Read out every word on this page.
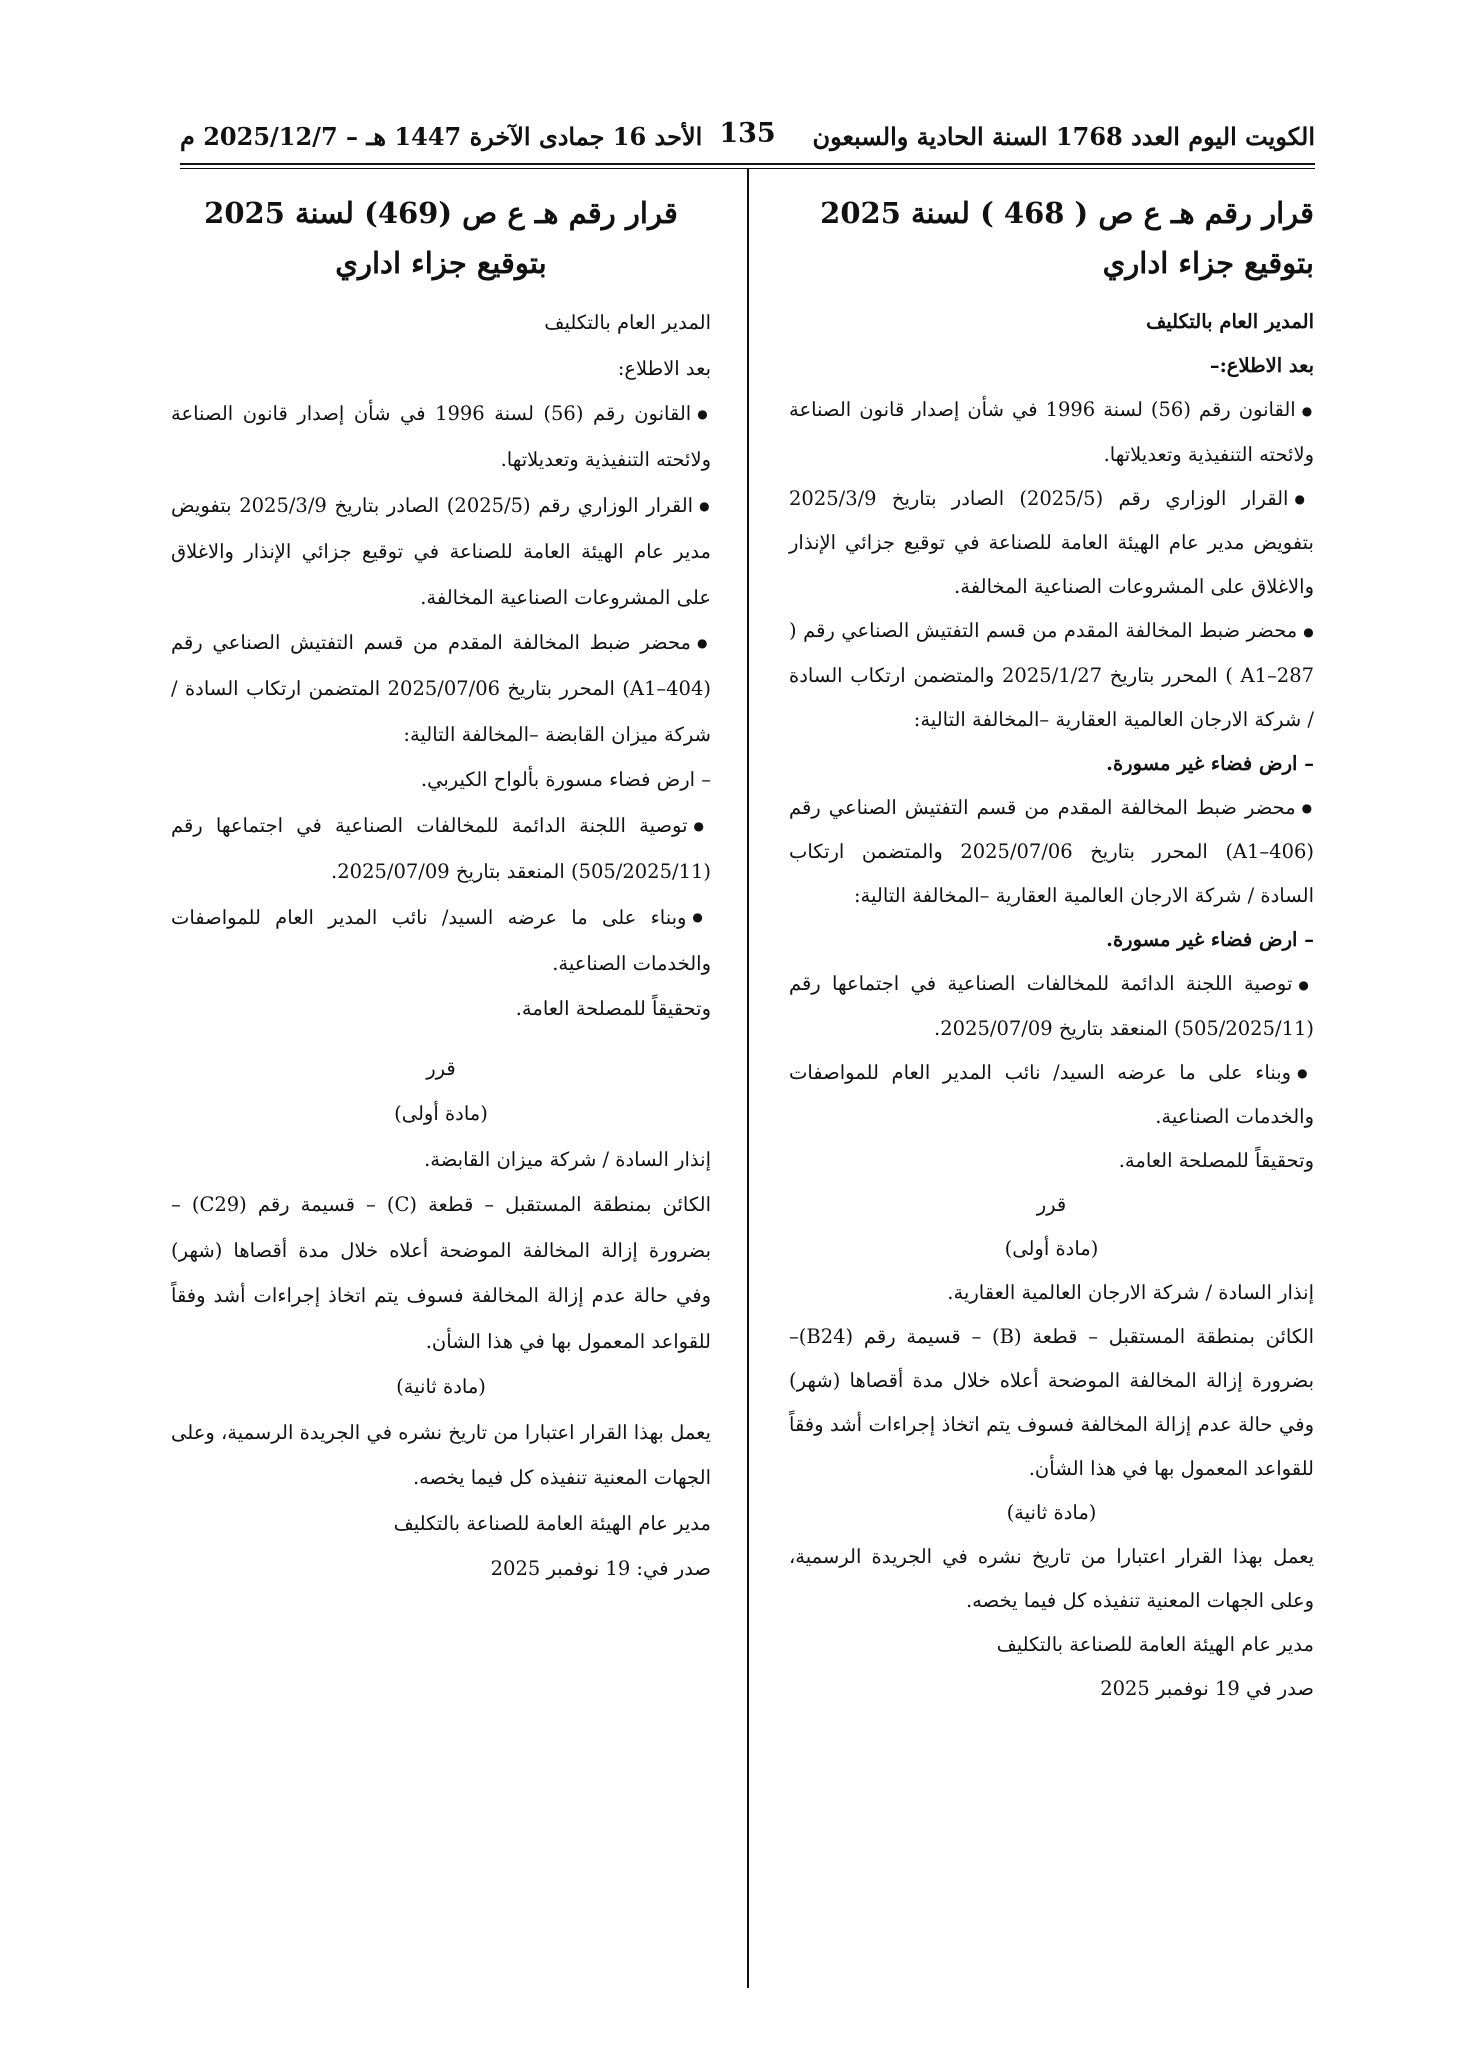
الكويت اليوم العدد 1768 السنة الحادية والسبعون
135
الأحد 16 جمادى الآخرة 1447 هـ – 2025/12/7 م
قرار رقم هـ ع ص ( 468 ) لسنة 2025 بتوقيع جزاء اداري

المدير العام بالتكليف

بعد الاطلاع:–

● القانون رقم (56) لسنة 1996 في شأن إصدار قانون الصناعة ولائحته التنفيذية وتعديلاتها.

● القرار الوزاري رقم (2025/5) الصادر بتاريخ 2025/3/9 بتفويض مدير عام الهيئة العامة للصناعة في توقيع جزائي الإنذار والاغلاق على المشروعات الصناعية المخالفة.

● محضر ضبط المخالفة المقدم من قسم التفتيش الصناعي رقم ( A1–287 ) المحرر بتاريخ 2025/1/27 والمتضمن ارتكاب السادة / شركة الارجان العالمية العقارية –المخالفة التالية:

– ارض فضاء غير مسورة.

● محضر ضبط المخالفة المقدم من قسم التفتيش الصناعي رقم (A1–406) المحرر بتاريخ 2025/07/06 والمتضمن ارتكاب السادة / شركة الارجان العالمية العقارية –المخالفة التالية:

– ارض فضاء غير مسورة.

● توصية اللجنة الدائمة للمخالفات الصناعية في اجتماعها رقم (505/2025/11) المنعقد بتاريخ 2025/07/09.

● وبناء على ما عرضه السيد/ نائب المدير العام للمواصفات والخدمات الصناعية.

وتحقيقاً للمصلحة العامة.

قرر

(مادة أولى)

إنذار السادة / شركة الارجان العالمية العقارية.

الكائن بمنطقة المستقبل – قطعة (B) – قسيمة رقم (B24)– بضرورة إزالة المخالفة الموضحة أعلاه خلال مدة أقصاها (شهر) وفي حالة عدم إزالة المخالفة فسوف يتم اتخاذ إجراءات أشد وفقاً للقواعد المعمول بها في هذا الشأن.

(مادة ثانية)

يعمل بهذا القرار اعتبارا من تاريخ نشره في الجريدة الرسمية، وعلى الجهات المعنية تنفيذه كل فيما يخصه.

مدير عام الهيئة العامة للصناعة بالتكليف

صدر في 19 نوفمبر 2025

قرار رقم هـ ع ص (469) لسنة 2025
بتوقيع جزاء اداري

المدير العام بالتكليف

بعد الاطلاع:

● القانون رقم (56) لسنة 1996 في شأن إصدار قانون الصناعة ولائحته التنفيذية وتعديلاتها.

● القرار الوزاري رقم (2025/5) الصادر بتاريخ 2025/3/9 بتفويض مدير عام الهيئة العامة للصناعة في توقيع جزائي الإنذار والاغلاق على المشروعات الصناعية المخالفة.

● محضر ضبط المخالفة المقدم من قسم التفتيش الصناعي رقم (A1–404) المحرر بتاريخ 2025/07/06 المتضمن ارتكاب السادة / شركة ميزان القابضة –المخالفة التالية:

– ارض فضاء مسورة بألواح الكيربي.

● توصية اللجنة الدائمة للمخالفات الصناعية في اجتماعها رقم (505/2025/11) المنعقد بتاريخ 2025/07/09.

● وبناء على ما عرضه السيد/ نائب المدير العام للمواصفات والخدمات الصناعية.

وتحقيقاً للمصلحة العامة.

قرر

(مادة أولى)

إنذار السادة / شركة ميزان القابضة.

الكائن بمنطقة المستقبل – قطعة (C) – قسيمة رقم (C29) – بضرورة إزالة المخالفة الموضحة أعلاه خلال مدة أقصاها (شهر) وفي حالة عدم إزالة المخالفة فسوف يتم اتخاذ إجراءات أشد وفقاً للقواعد المعمول بها في هذا الشأن.

(مادة ثانية)

يعمل بهذا القرار اعتبارا من تاريخ نشره في الجريدة الرسمية، وعلى الجهات المعنية تنفيذه كل فيما يخصه.

مدير عام الهيئة العامة للصناعة بالتكليف

صدر في: 19 نوفمبر 2025
